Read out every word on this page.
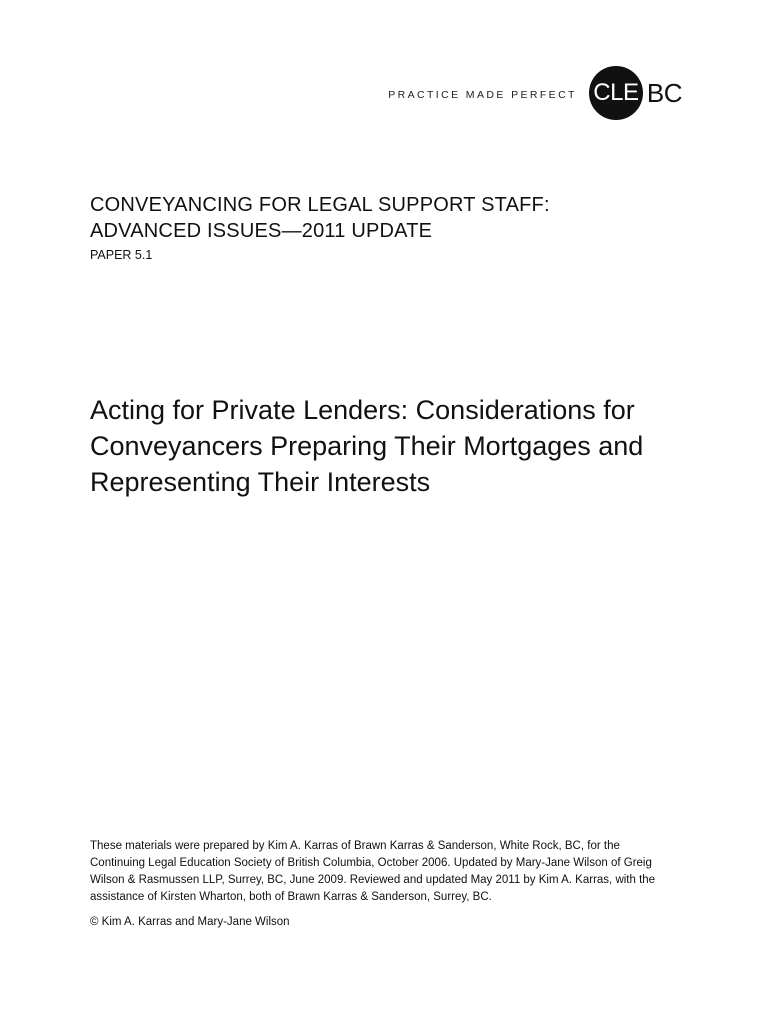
PRACTICE MADE PERFECT CLE BC
CONVEYANCING FOR LEGAL SUPPORT STAFF:
ADVANCED ISSUES—2011 UPDATE
PAPER 5.1
Acting for Private Lenders: Considerations for
Conveyancers Preparing Their Mortgages and
Representing Their Interests

These materials were prepared by Kim A. Karras of Brawn Karras & Sanderson, White Rock, BC, for the
Continuing Legal Education Society of British Columbia, October 2006. Updated by Mary-Jane Wilson of Greig
Wilson & Rasmussen LLP, Surrey, BC, June 2009. Reviewed and updated May 2011 by Kim A. Karras, with the
assistance of Kirsten Wharton, both of Brawn Karras & Sanderson, Surrey, BC.

© Kim A. Karras and Mary-Jane Wilson
